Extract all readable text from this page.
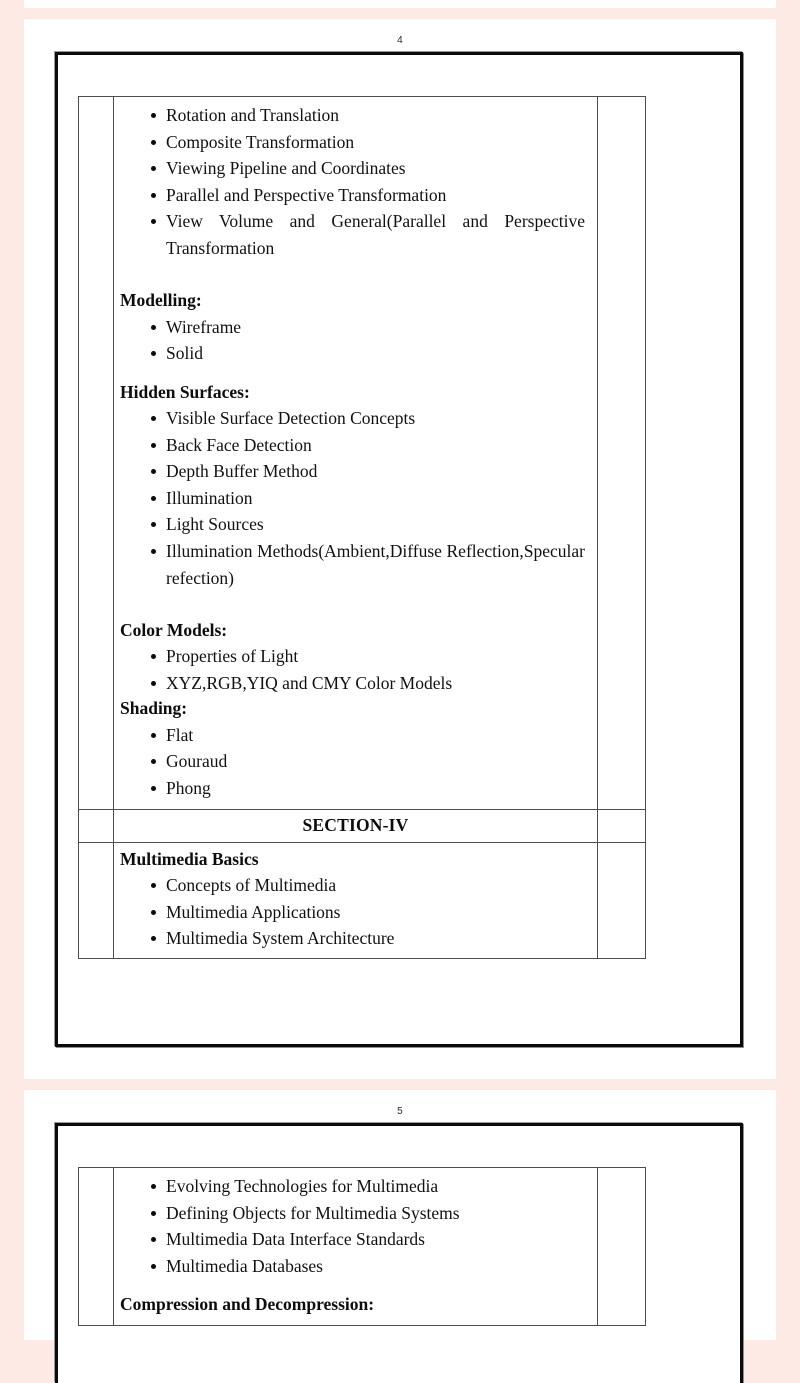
4

Rotation and Translation
Composite Transformation
Viewing Pipeline and Coordinates
Parallel and Perspective Transformation
View Volume and General(Parallel and Perspective Transformation
Modelling:
Wireframe
Solid
Hidden Surfaces:
Visible Surface Detection Concepts
Back Face Detection
Depth Buffer Method
Illumination
Light Sources
Illumination Methods(Ambient,Diffuse Reflection,Specular refection)
Color Models:
Properties of Light
XYZ,RGB,YIQ and CMY Color Models
Shading:
Flat
Gouraud
Phong

	SECTION-IV	

Multimedia Basics
Concepts of Multimedia
Multimedia Applications
Multimedia System Architecture

5

Evolving Technologies for Multimedia
Defining Objects for Multimedia Systems
Multimedia Data Interface Standards
Multimedia Databases
Compression and Decompression:
